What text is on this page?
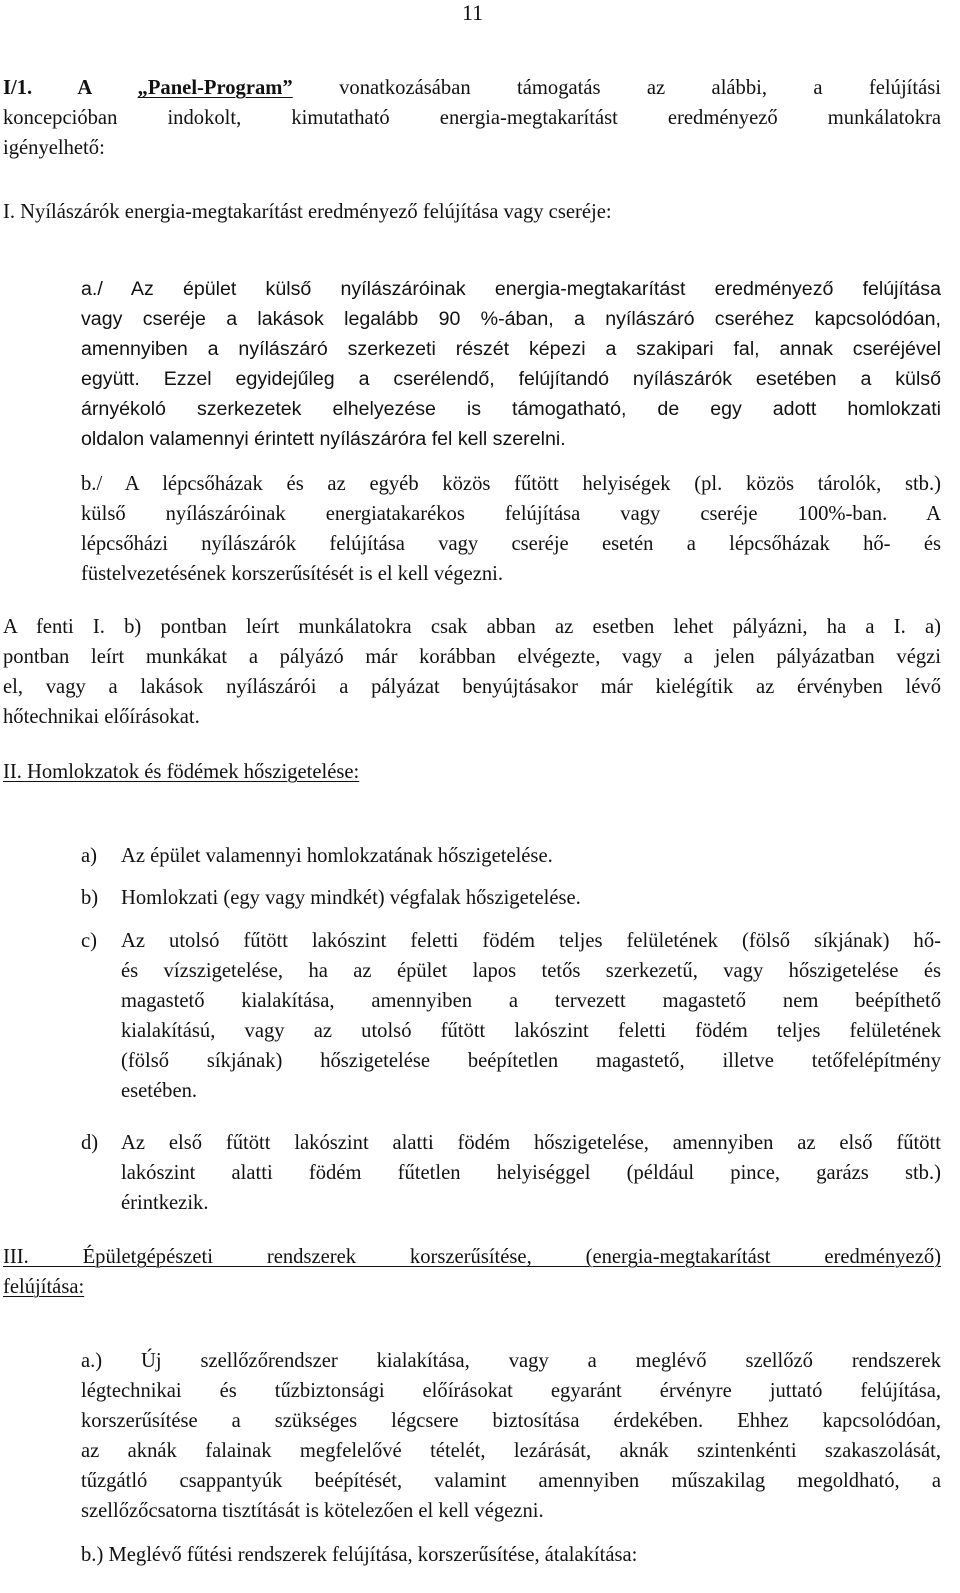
11
I/1. A „Panel-Program” vonatkozásában támogatás az alábbi, a felújítási
koncepcióban indokolt, kimutatható energia-megtakarítást eredményező munkálatokra
igényelhető:
I. Nyílászárók energia-megtakarítást eredményező felújítása vagy cseréje:
a./ Az épület külső nyílászáróinak energia-megtakarítást eredményező felújítása
vagy cseréje a lakások legalább 90 %-ában, a nyílászáró cseréhez kapcsolódóan,
amennyiben a nyílászáró szerkezeti részét képezi a szakipari fal, annak cseréjével
együtt. Ezzel egyidejűleg a cserélendő, felújítandó nyílászárók esetében a külső
árnyékoló szerkezetek elhelyezése is támogatható, de egy adott homlokzati
oldalon valamennyi érintett nyílászáróra fel kell szerelni.
b./ A lépcsőházak és az egyéb közös fűtött helyiségek (pl. közös tárolók, stb.)
külső nyílászáróinak energiatakarékos felújítása vagy cseréje 100%-ban. A
lépcsőházi nyílászárók felújítása vagy cseréje esetén a lépcsőházak hő- és
füstelvezetésének korszerűsítését is el kell végezni.
A fenti I. b) pontban leírt munkálatokra csak abban az esetben lehet pályázni, ha a I. a)
pontban leírt munkákat a pályázó már korábban elvégezte, vagy a jelen pályázatban végzi
el, vagy a lakások nyílászárói a pályázat benyújtásakor már kielégítik az érvényben lévő
hőtechnikai előírásokat.
II. Homlokzatok és födémek hőszigetelése:
a) Az épület valamennyi homlokzatának hőszigetelése.
b) Homlokzati (egy vagy mindkét) végfalak hőszigetelése.
c) Az utolsó fűtött lakószint feletti födém teljes felületének (fölső síkjának) hő-
és vízszigetelése, ha az épület lapos tetős szerkezetű, vagy hőszigetelése és
magastető kialakítása, amennyiben a tervezett magastető nem beépíthető
kialakítású, vagy az utolsó fűtött lakószint feletti födém teljes felületének
(fölső síkjának) hőszigetelése beépítetlen magastető, illetve tetőfelépítmény
esetében.
d) Az első fűtött lakószint alatti födém hőszigetelése, amennyiben az első fűtött
lakószint alatti födém fűtetlen helyiséggel (például pince, garázs stb.)
érintkezik.
III. Épületgépészeti rendszerek korszerűsítése, (energia-megtakarítást eredményező)
felújítása:
a.) Új szellőzőrendszer kialakítása, vagy a meglévő szellőző rendszerek
légtechnikai és tűzbiztonsági előírásokat egyaránt érvényre juttató felújítása,
korszerűsítése a szükséges légcsere biztosítása érdekében. Ehhez kapcsolódóan,
az aknák falainak megfelelővé tételét, lezárását, aknák szintenkénti szakaszolását,
tűzgátló csappantyúk beépítését, valamint amennyiben műszakilag megoldható, a
szellőzőcsatorna tisztítását is kötelezően el kell végezni.
b.) Meglévő fűtési rendszerek felújítása, korszerűsítése, átalakítása:
